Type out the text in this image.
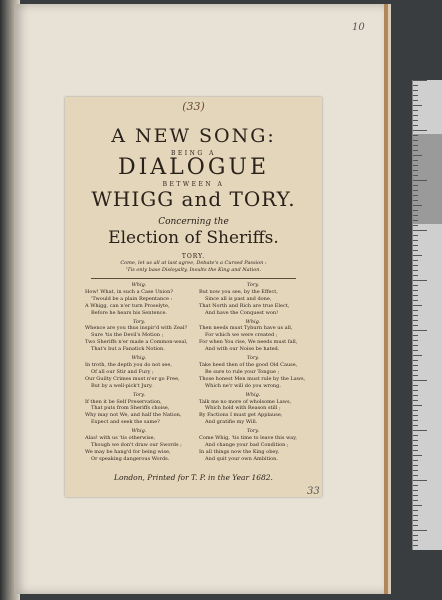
10
(33)
A NEW SONG:
BEING A
DIALOGUE
BETWEEN A
WHIGG and TORY.
Concerning the
Election of Sheriffs.
TORY.
Come, let us all at last agree, Debate's a Cursed Passion :
'Tis only base Disloyalty, Insults the King and Nation.
Whig.
How! What, in such a Case Union?
'Twould be a plain Repentance :
A Whigg, can n'er turn Proselyte,
Before he hears his Sentence.
Tory.
Whence are you thus inspir'd with Zeal?
Sure 'tis the Devil's Motion ;
Two Sheriffs n'er made a Common-weal,
That's but a Fanatick Notion.
Whig.
In troth, the depth you do not see,
Of all our Stir and Fury ;
Our Guilty Crimes must n'er go Free,
But by a well-pick't Jury.
Tory.
If then it be Self Preservation,
That puts from Sheriffs choise,
Why may not We, and half the Nation,
Expect and seek the same?
Whig.
Alas! with us 'tis otherwise,
Though we don't draw our Swords ;
We may be hang'd for being wise,
Or speaking dangerous Words.
Tory.
But now you see, by the Effect,
Since all is past and done,
That North and Rich are true Elect,
And have the Conquest won!
Whig.
Then needs must Tyburn have us all,
For which we were created ;
For when You rise, We needs must fall,
And with our Noise be hated.
Tory.
Take heed then of the good Old Cause,
Be sure to rule your Tongue ;
Those honest Men must rule by the Laws,
Which ne'r will do you wrong.
Whig.
Talk me no more of wholsome Laws,
Which hold with Reason still ;
By Factions I must get Applause,
And gratifie my Will.
Tory.
Come Whig, 'tis time to leave this way,
And change your bad Condition ;
In all things now the King obey,
And quit your own Ambition.
London, Printed for T. P. in the Year 1682.
33
